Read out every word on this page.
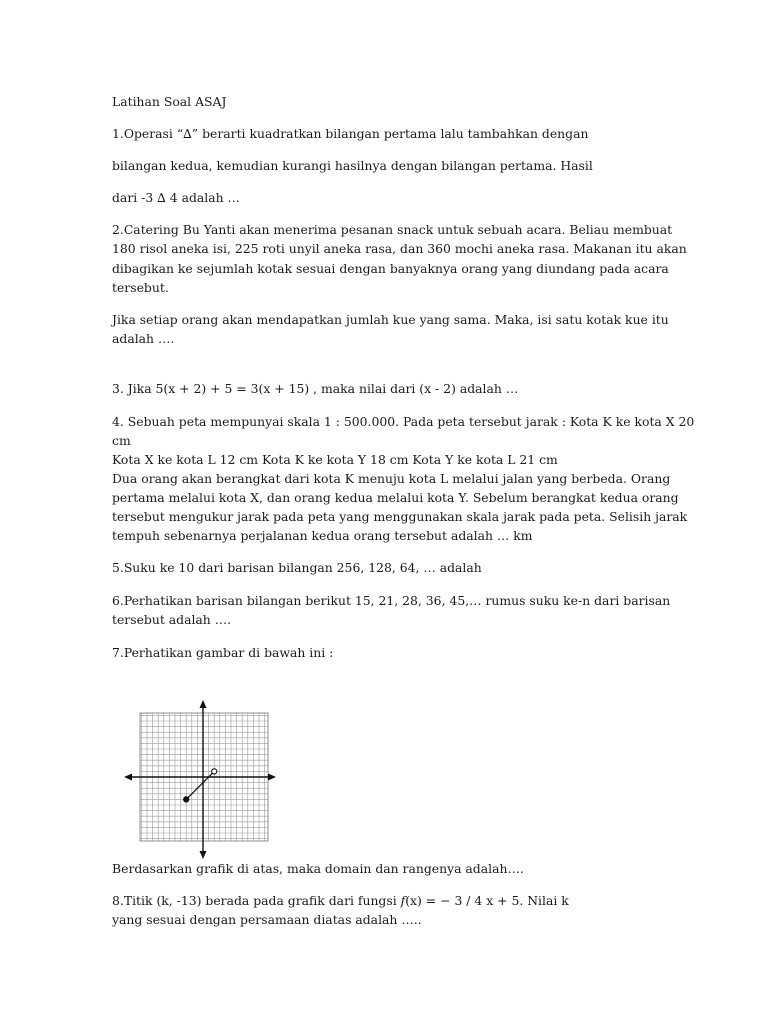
Latihan Soal ASAJ
1.Operasi “∆” berarti kuadratkan bilangan pertama lalu tambahkan dengan
bilangan kedua, kemudian kurangi hasilnya dengan bilangan pertama. Hasil
dari -3 ∆ 4 adalah …
2.Catering Bu Yanti akan menerima pesanan snack untuk sebuah acara. Beliau membuat
180 risol aneka isi, 225 roti unyil aneka rasa, dan 360 mochi aneka rasa. Makanan itu akan
dibagikan ke sejumlah kotak sesuai dengan banyaknya orang yang diundang pada acara
tersebut.
Jika setiap orang akan mendapatkan jumlah kue yang sama. Maka, isi satu kotak kue itu
adalah ….
3. Jika 5(x + 2) + 5 = 3(x + 15) , maka nilai dari (x - 2) adalah …
4. Sebuah peta mempunyai skala 1 : 500.000. Pada peta tersebut jarak : Kota K ke kota X 20
cm
Kota X ke kota L 12 cm Kota K ke kota Y 18 cm Kota Y ke kota L 21 cm
Dua orang akan berangkat dari kota K menuju kota L melalui jalan yang berbeda. Orang
pertama melalui kota X, dan orang kedua melalui kota Y. Sebelum berangkat kedua orang
tersebut mengukur jarak pada peta yang menggunakan skala jarak pada peta. Selisih jarak
tempuh sebenarnya perjalanan kedua orang tersebut adalah … km
5.Suku ke 10 dari barisan bilangan 256, 128, 64, … adalah
6.Perhatikan barisan bilangan berikut 15, 21, 28, 36, 45,… rumus suku ke-n dari barisan
tersebut adalah ….
7.Perhatikan gambar di bawah ini :
Berdasarkan grafik di atas, maka domain dan rangenya adalah….
8.Titik (k, -13) berada pada grafik dari fungsi 𝑓(x) = − 3 / 4 x + 5. Nilai k
yang sesuai dengan persamaan diatas adalah …..
